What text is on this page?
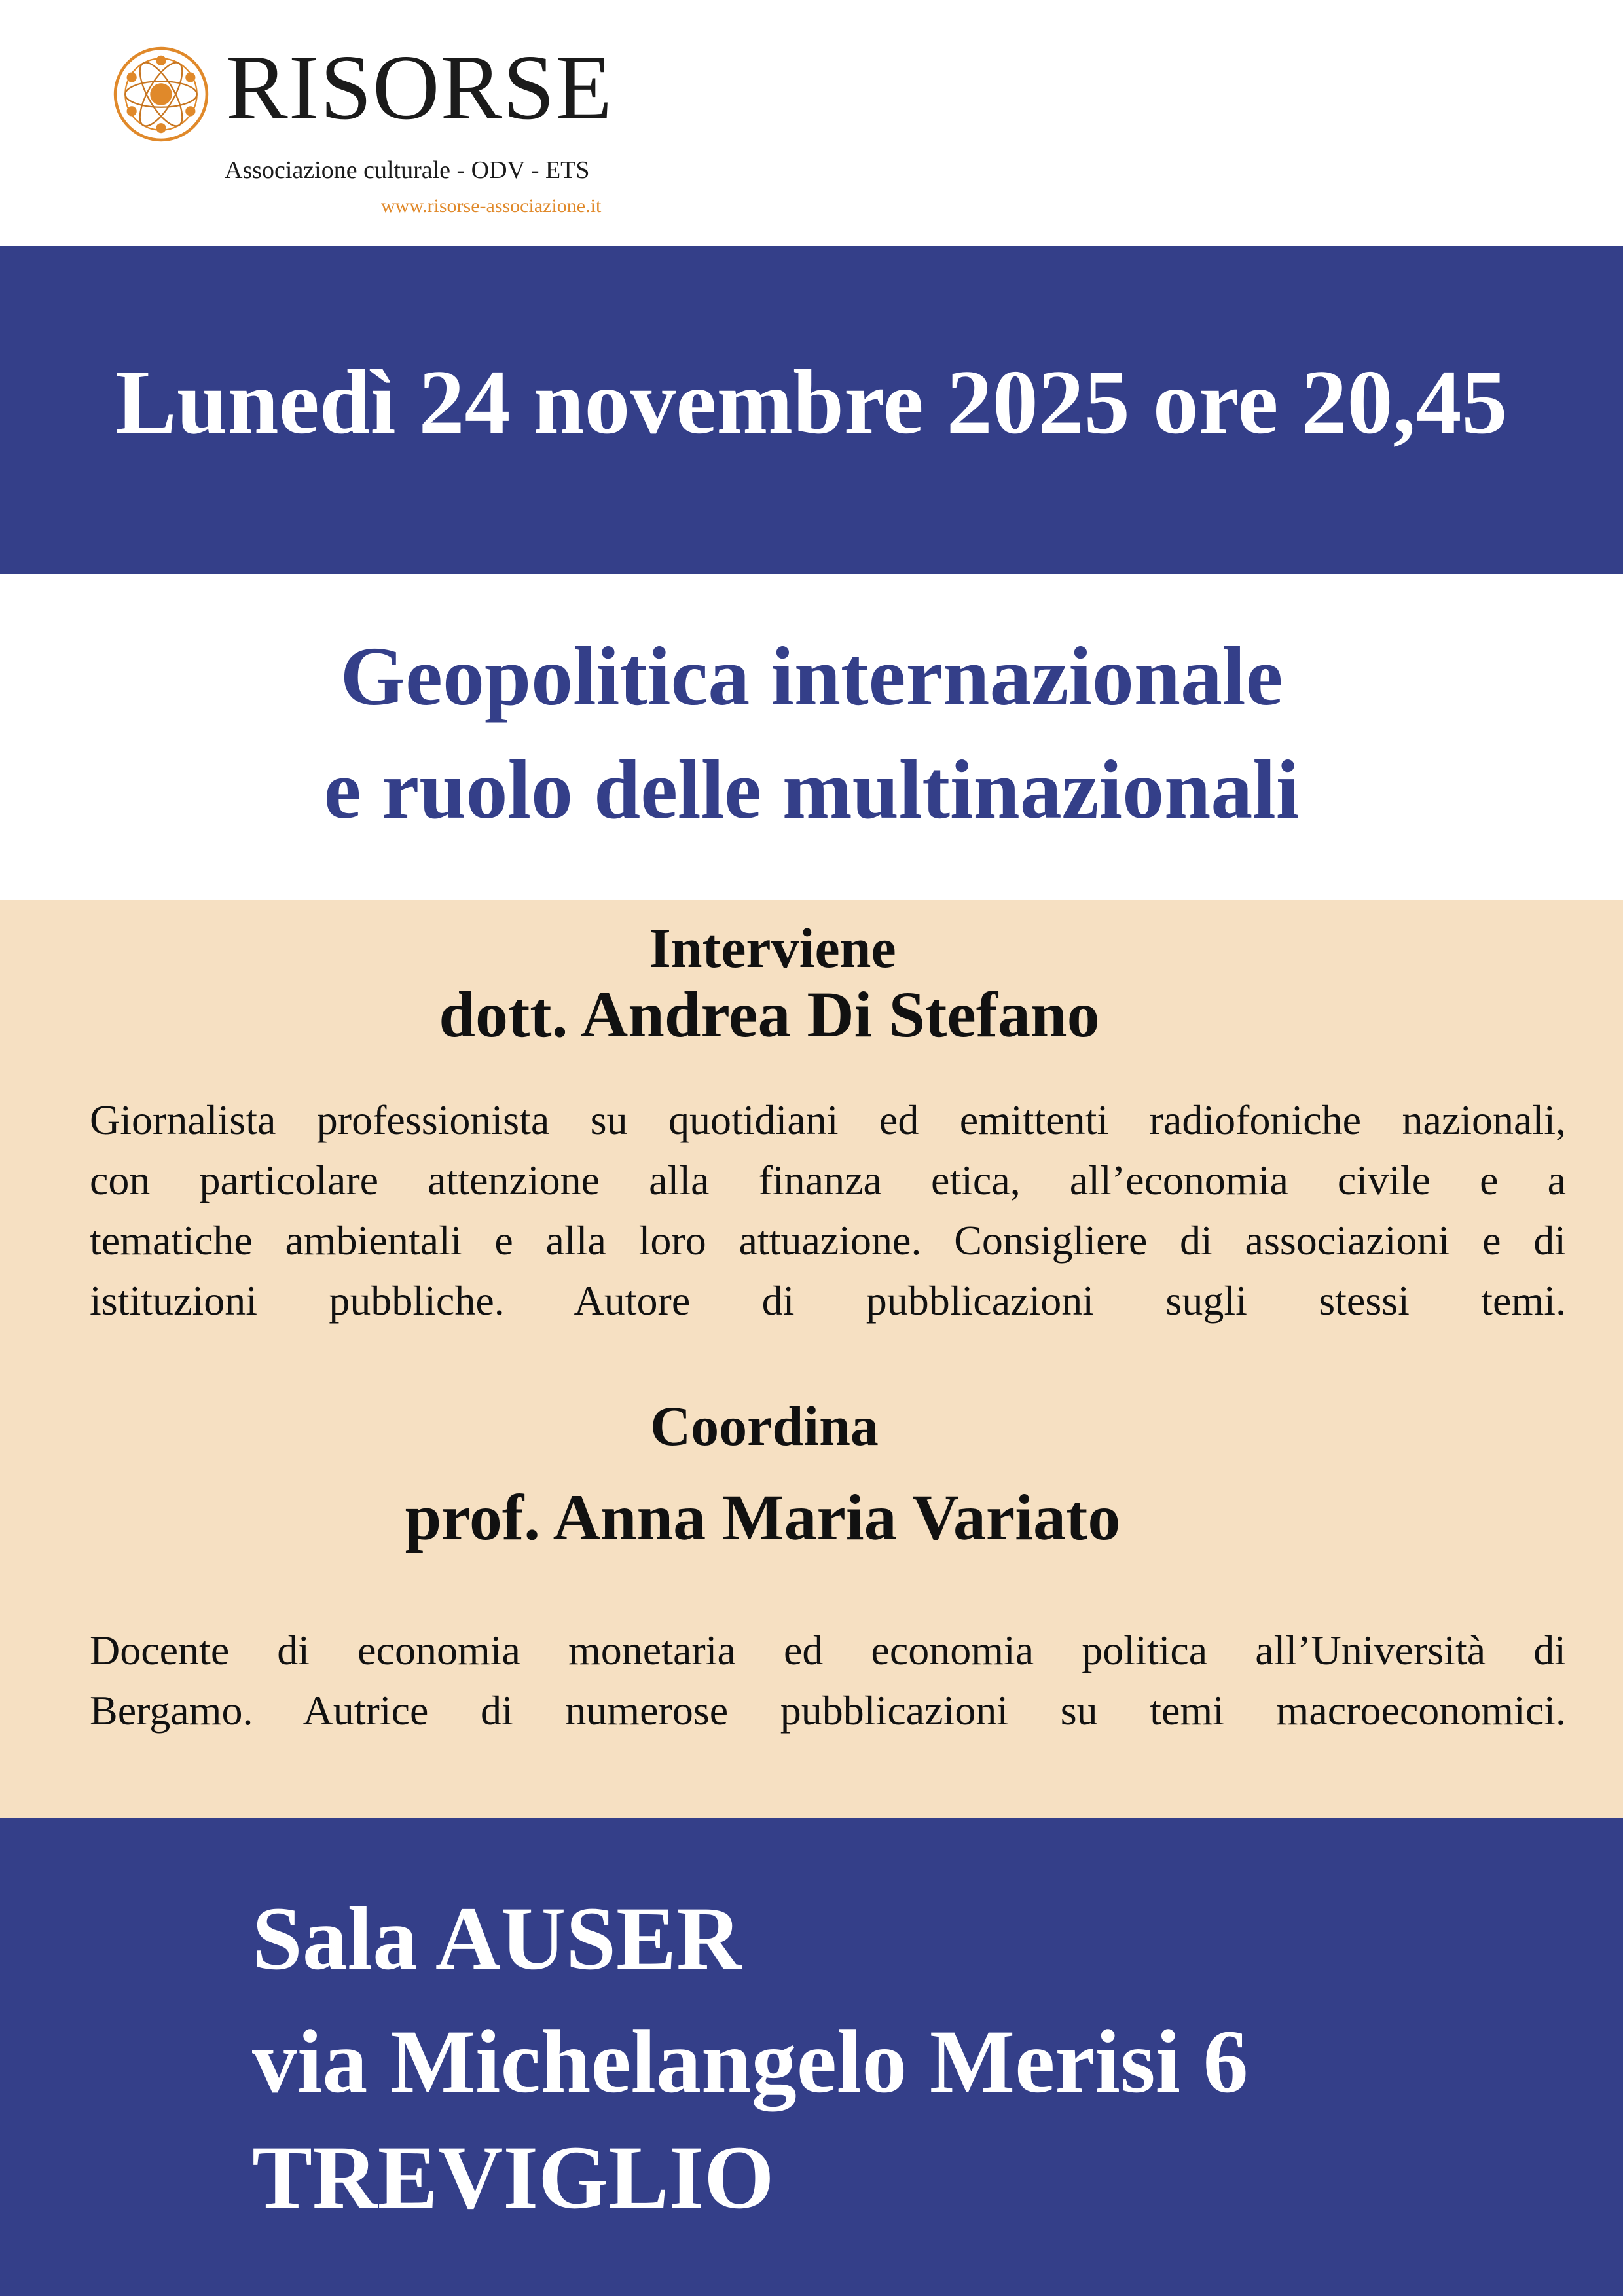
RISORSE
Associazione culturale - ODV - ETS
www.risorse-associazione.it
Lunedì 24 novembre 2025 ore 20,45
Geopolitica internazionale
e ruolo delle multinazionali
Interviene
dott. Andrea Di Stefano
Giornalista professionista su quotidiani ed emittenti radiofoniche nazionali,
con particolare attenzione alla finanza etica, all’economia civile e a
tematiche ambientali e alla loro attuazione. Consigliere di associazioni e di
istituzioni pubbliche. Autore di pubblicazioni sugli stessi temi.
Coordina
prof. Anna Maria Variato
Docente di economia monetaria ed economia politica all’Università di
Bergamo. Autrice di numerose pubblicazioni su temi macroeconomici.
Sala AUSER
via Michelangelo Merisi 6
TREVIGLIO
